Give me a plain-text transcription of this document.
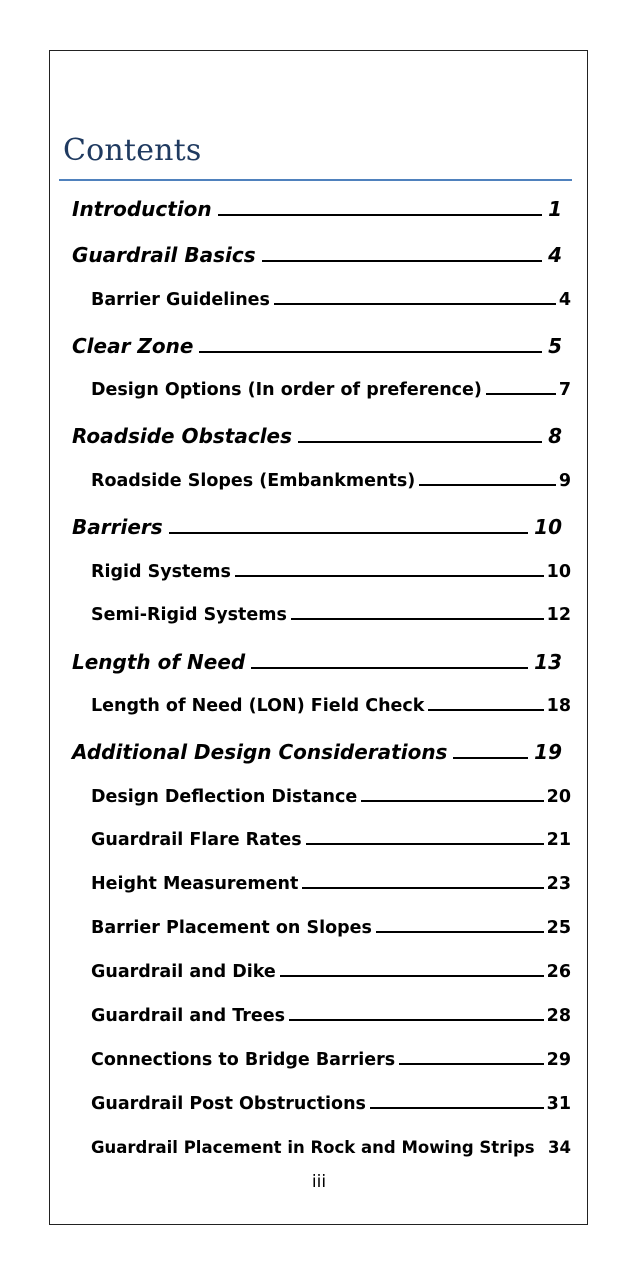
Contents
Introduction	1
Guardrail Basics	4
Barrier Guidelines	4
Clear Zone	5
Design Options (In order of preference)	7
Roadside Obstacles	8
Roadside Slopes (Embankments)	9
Barriers	10
Rigid Systems	10
Semi-Rigid Systems	12
Length of Need	13
Length of Need (LON) Field Check	18
Additional Design Considerations	19
Design Deflection Distance	20
Guardrail Flare Rates	21
Height Measurement	23
Barrier Placement on Slopes	25
Guardrail and Dike	26
Guardrail and Trees	28
Connections to Bridge Barriers	29
Guardrail Post Obstructions	31
Guardrail Placement in Rock and Mowing Strips 34
iii
